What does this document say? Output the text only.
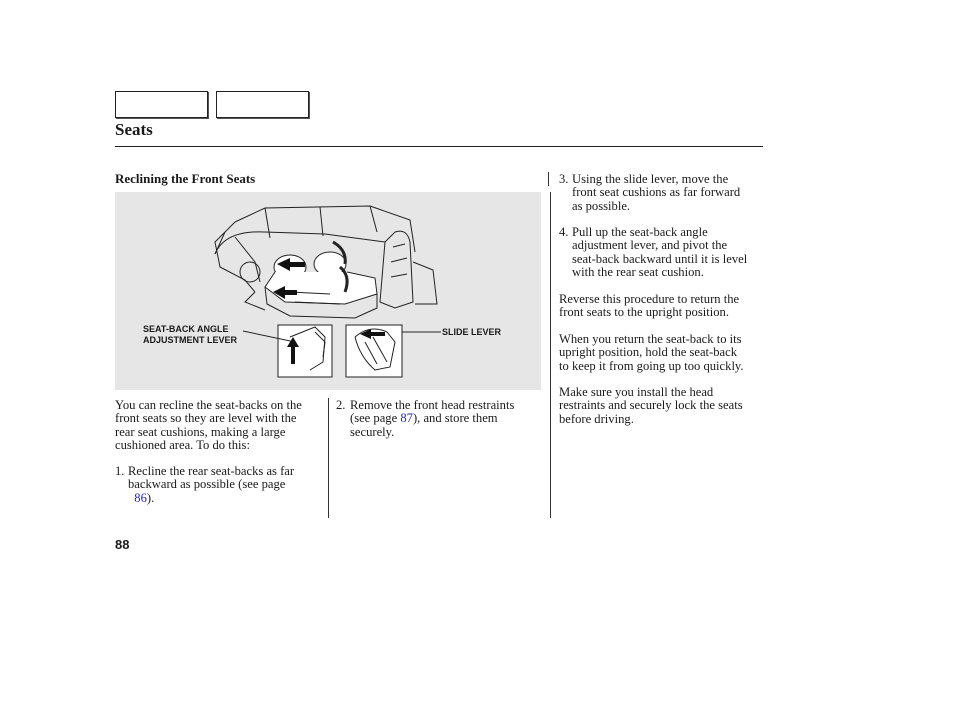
Seats
Reclining the Front Seats
SEAT-BACK ANGLE
ADJUSTMENT LEVER
SLIDE LEVER

You can recline the seat-backs on the

front seats so they are level with the

rear seat cushions, making a large

cushioned area. To do this:

1. Recline the rear seat-backs as far

backward as possible (see page

86).

2. Remove the front head restraints

(see page 87), and store them

securely.

3. Using the slide lever, move the

front seat cushions as far forward

as possible.

4. Pull up the seat-back angle

adjustment lever, and pivot the

seat-back backward until it is level

with the rear seat cushion.

Reverse this procedure to return the

front seats to the upright position.

When you return the seat-back to its

upright position, hold the seat-back

to keep it from going up too quickly.

Make sure you install the head

restraints and securely lock the seats

before driving.

88
